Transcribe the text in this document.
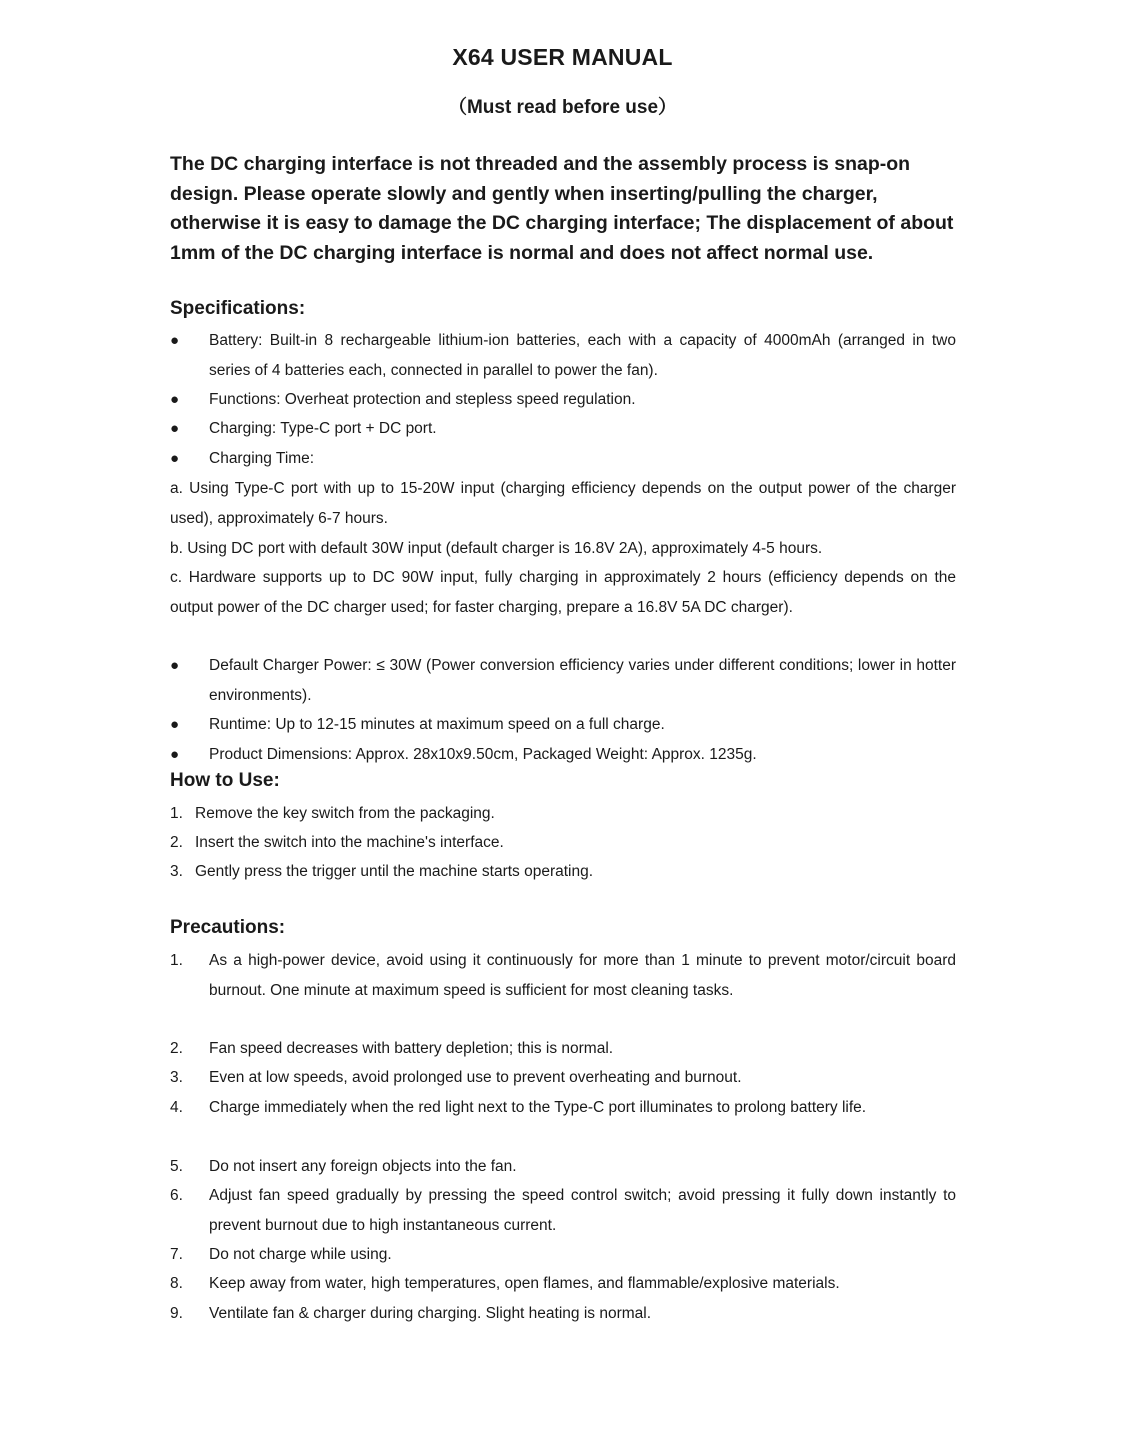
X64 USER MANUAL
（Must read before use）

The DC charging interface is not threaded and the assembly process is snap-on design. Please operate slowly and gently when inserting/pulling the charger, otherwise it is easy to damage the DC charging interface; The displacement of about 1mm of the DC charging interface is normal and does not affect normal use.

Specifications:
●	Battery: Built-in 8 rechargeable lithium-ion batteries, each with a capacity of 4000mAh (arranged in two series of 4 batteries each, connected in parallel to power the fan).
●	Functions: Overheat protection and stepless speed regulation.
●	Charging: Type-C port + DC port.
●	Charging Time:

a. Using Type-C port with up to 15-20W input (charging efficiency depends on the output power of the charger used), approximately 6-7 hours.

b. Using DC port with default 30W input (default charger is 16.8V 2A), approximately 4-5 hours.

c. Hardware supports up to DC 90W input, fully charging in approximately 2 hours (efficiency depends on the output power of the DC charger used; for faster charging, prepare a 16.8V 5A DC charger).

●	Default Charger Power: ≤ 30W (Power conversion efficiency varies under different conditions; lower in hotter environments).
●	Runtime: Up to 12-15 minutes at maximum speed on a full charge.
●	Product Dimensions: Approx. 28x10x9.50cm, Packaged Weight: Approx. 1235g.
How to Use:
1. Remove the key switch from the packaging.
2. Insert the switch into the machine's interface.
3. Gently press the trigger until the machine starts operating.
Precautions:
1. As a high-power device, avoid using it continuously for more than 1 minute to prevent motor/circuit board burnout. One minute at maximum speed is sufficient for most cleaning tasks.
2. Fan speed decreases with battery depletion; this is normal.
3. Even at low speeds, avoid prolonged use to prevent overheating and burnout.
4. Charge immediately when the red light next to the Type-C port illuminates to prolong battery life.
5. Do not insert any foreign objects into the fan.
6. Adjust fan speed gradually by pressing the speed control switch; avoid pressing it fully down instantly to prevent burnout due to high instantaneous current.
7. Do not charge while using.
8. Keep away from water, high temperatures, open flames, and flammable/explosive materials.
9. Ventilate fan & charger during charging. Slight heating is normal.
